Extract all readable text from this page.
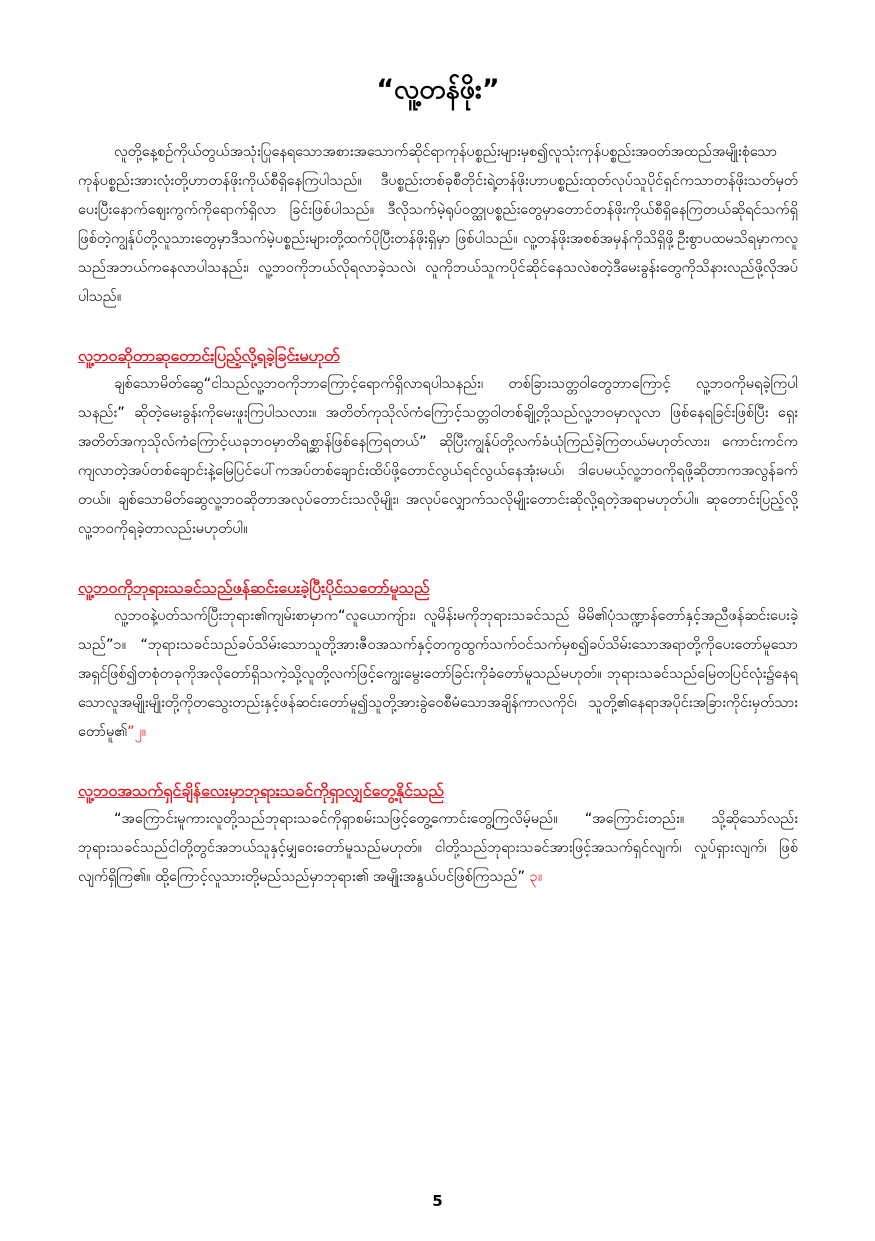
“လူ့တန်ဖိုး”

လူတို့နေ့စဥ်ကိုယ်တွယ်အသုံးပြုနေရသောအစားအသောက်ဆိုင်ရာကုန်ပစ္စည်းများမှစ၍လူသုံးကုန်ပစ္စည်းအဝတ်အထည်အမျိုးစုံသောကုန်ပစ္စည်းအားလုံးတို့ဟာတန်ဖိုးကိုယ်စီရှိနေကြပါသည်။ ဒီပစ္စည်းတစ်ခုစီတိုင်းရဲ့တန်ဖိုးဟာပစ္စည်းထုတ်လုပ်သူပိုင်ရှင်ကသာတန်ဖိုးသတ်မှတ်ပေးပြီးနောက်ဈေးကွက်ကိုရောက်ရှိလာ ခြင်းဖြစ်ပါသည်။ ဒီလိုသက်မဲ့ရုပ်ဝတ္ထုပစ္စည်းတွေမှာတောင်တန်ဖိုးကိုယ်စီရှိနေကြတယ်ဆိုရင်သက်ရှိဖြစ်တဲ့ကျွန်ုပ်တို့လူသားတွေမှာဒီသက်မဲ့ပစ္စည်းများတို့ထက်ပိုပြီးတန်ဖိုးရှိမှာ ဖြစ်ပါသည်။ လူ့တန်ဖိုးအစစ်အမှန်ကိုသိရှိဖို့ဦးစွာပထမသိရမှာကလူသည်အဘယ်ကနေလာပါသနည်း၊ လူ့ဘဝကိုဘယ်လိုရလာခဲ့သလဲ၊ လူကိုဘယ်သူကပိုင်ဆိုင်နေသလဲစတဲ့ဒီမေးခွန်းတွေကိုသိနားလည်ဖို့လိုအပ်ပါသည်။

လူ့ဘဝဆိုတာဆုတောင်းပြည့်လို့ရခဲ့ခြင်းမဟုတ်

ချစ်သောမိတ်ဆွေ“ငါသည်လူ့ဘဝကိုဘာကြောင့်ရောက်ရှိလာရပါသနည်း၊ တစ်ခြားသတ္တဝါတွေဘာကြောင့် လူ့ဘဝကိုမရခဲ့ကြပါသနည်း” ဆိုတဲ့မေးခွန်းကိုမေးဖူးကြပါသလား။ အတိတ်ကုသိုလ်ကံကြောင့်သတ္တဝါတစ်ချို့တို့သည်လူ့ဘဝမှာလူလာ ဖြစ်နေရခြင်းဖြစ်ပြီး ရှေးအတိတ်အကုသိုလ်ကံကြောင့်ယခုဘဝမှာတိရစ္ဆာန်ဖြစ်နေကြရတယ်” ဆိုပြီးကျွန်ုပ်တို့လက်ခံယုံကြည်ခဲ့ကြတယ်မဟုတ်လား၊ ကောင်းကင်ကကျလာတဲ့အပ်တစ်ချောင်းနဲ့မြေပြင်ပေါ်ကအပ်တစ်ချောင်းထိပ်ဖို့တောင်လွယ်ရင်လွယ်နေအုံးမယ်၊ ဒါပေမယ့်လူ့ဘဝကိုရဖို့ဆိုတာကအလွန်ခက်တယ်။ ချစ်သောမိတ်ဆွေလူ့ဘဝဆိုတာအလုပ်တောင်းသလိုမျိုး၊ အလုပ်လျှောက်သလိုမျိုးတောင်းဆိုလို့ရတဲ့အရာမဟုတ်ပါ။ ဆုတောင်းပြည့်လို့လူ့ဘဝကိုရခဲ့တာလည်းမဟုတ်ပါ။

လူ့ဘဝကိုဘုရားသခင်သည်ဖန်ဆင်းပေးခဲ့ပြီးပိုင်သတော်မူသည်

လူ့ဘဝနဲ့ပတ်သက်ပြီးဘုရား၏ကျမ်းစာမှာက“လူယောကျ်ား၊ လူမိန်းမကိုဘုရားသခင်သည် မိမိ၏ပုံသဏ္ဍာန်တော်နှင့်အညီဖန်ဆင်းပေးခဲ့သည်”၁။ “ဘုရားသခင်သည်ခပ်သိမ်းသောသူတို့အားဇီဝအသက်နှင့်တကွထွက်သက်ဝင်သက်မှစ၍ခပ်သိမ်းသောအရာတို့ကိုပေးတော်မူသောအရှင်ဖြစ်၍တစုံတခုကိုအလိုတော်ရှိသကဲ့သို့လူတို့လက်ဖြင့်ကျွေးမွေးတော်ခြင်းကိုခံတော်မူသည်မဟုတ်။ ဘုရားသခင်သည်မြေတပြင်လုံး၌နေရသောလူအမျိုးမျိုးတို့ကိုတသွေးတည်းနှင့်ဖန်ဆင်းတော်မူ၍သူတို့အားခွဲဝေစီမံသောအချိန်ကာလကိုင်၊ သူတို့၏နေရာအပိုင်းအခြားကိုင်းမှတ်သားတော်မူ၏”၂။

လူ့ဘဝအသက်ရှင်ချိန်လေးမှာဘုရားသခင်ကိုရှာလျှင်တွေ့နိုင်သည်

“အကြောင်းမူကားလူတို့သည်ဘုရားသခင်ကိုရှာစမ်းသဖြင့်တွေ့ကောင်းတွေ့ကြလိမ့်မည်။ “အကြောင်းတည်း။ သို့ဆိုသော်လည်းဘုရားသခင်သည်ငါတို့တွင်အဘယ်သူနှင့်မျှဝေးတော်မူသည်မဟုတ်။ ငါတို့သည်ဘုရားသခင်အားဖြင့်အသက်ရှင်လျက်၊ လှုပ်ရှားလျက်၊ ဖြစ်လျက်ရှိကြ၏။ ထို့ကြောင့်လူသားတို့မည်သည်မှာဘုရား၏ အမျိုးအနွယ်ပင်ဖြစ်ကြသည်” ၃။

5
